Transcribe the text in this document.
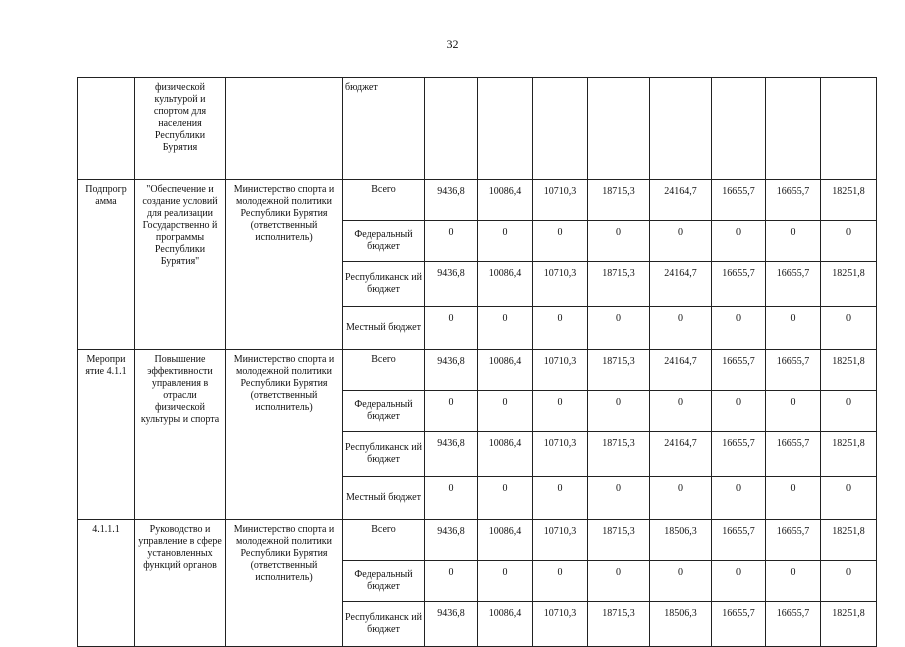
32
	физической культурой и спортом для населения Республики Бурятия		бюджет								
Подпрогр амма	"Обеспечение и создание условий для реализации Государственно й программы Республики Бурятия"	Министерство спорта и молодежной политики Республики Бурятия (ответственный исполнитель)	Всего	9436,8	10086,4	10710,3	18715,3	24164,7	16655,7	16655,7	18251,8
			Федеральный бюджет	0	0	0	0	0	0	0	0
			Республиканск ий бюджет	9436,8	10086,4	10710,3	18715,3	24164,7	16655,7	16655,7	18251,8
			Местный бюджет	0	0	0	0	0	0	0	0
Меропри ятие 4.1.1	Повышение эффективности управления в отрасли физической культуры и спорта	Министерство спорта и молодежной политики Республики Бурятия (ответственный исполнитель)	Всего	9436,8	10086,4	10710,3	18715,3	24164,7	16655,7	16655,7	18251,8
			Федеральный бюджет	0	0	0	0	0	0	0	0
			Республиканск ий бюджет	9436,8	10086,4	10710,3	18715,3	24164,7	16655,7	16655,7	18251,8
			Местный бюджет	0	0	0	0	0	0	0	0
4.1.1.1	Руководство и управление в сфере установленных функций органов	Министерство спорта и молодежной политики Республики Бурятия (ответственный исполнитель)	Всего	9436,8	10086,4	10710,3	18715,3	18506,3	16655,7	16655,7	18251,8
			Федеральный бюджет	0	0	0	0	0	0	0	0
			Республиканск ий бюджет	9436,8	10086,4	10710,3	18715,3	18506,3	16655,7	16655,7	18251,8
